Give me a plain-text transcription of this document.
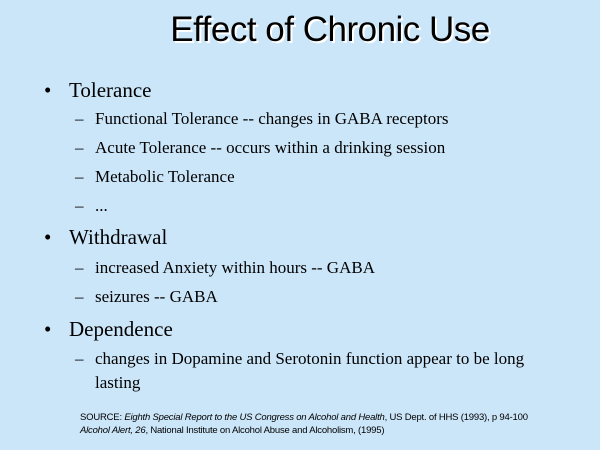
Effect of Chronic Use
• Tolerance
– Functional Tolerance -- changes in GABA receptors
– Acute Tolerance -- occurs within a drinking session
– Metabolic Tolerance
– ...
• Withdrawal
– increased Anxiety within hours -- GABA
– seizures -- GABA
• Dependence
– changes in Dopamine and Serotonin function appear to be long lasting
SOURCE: Eighth Special Report to the US Congress on Alcohol and Health, US Dept. of HHS (1993), p 94-100
Alcohol Alert, 26, National Institute on Alcohol Abuse and Alcoholism, (1995)
